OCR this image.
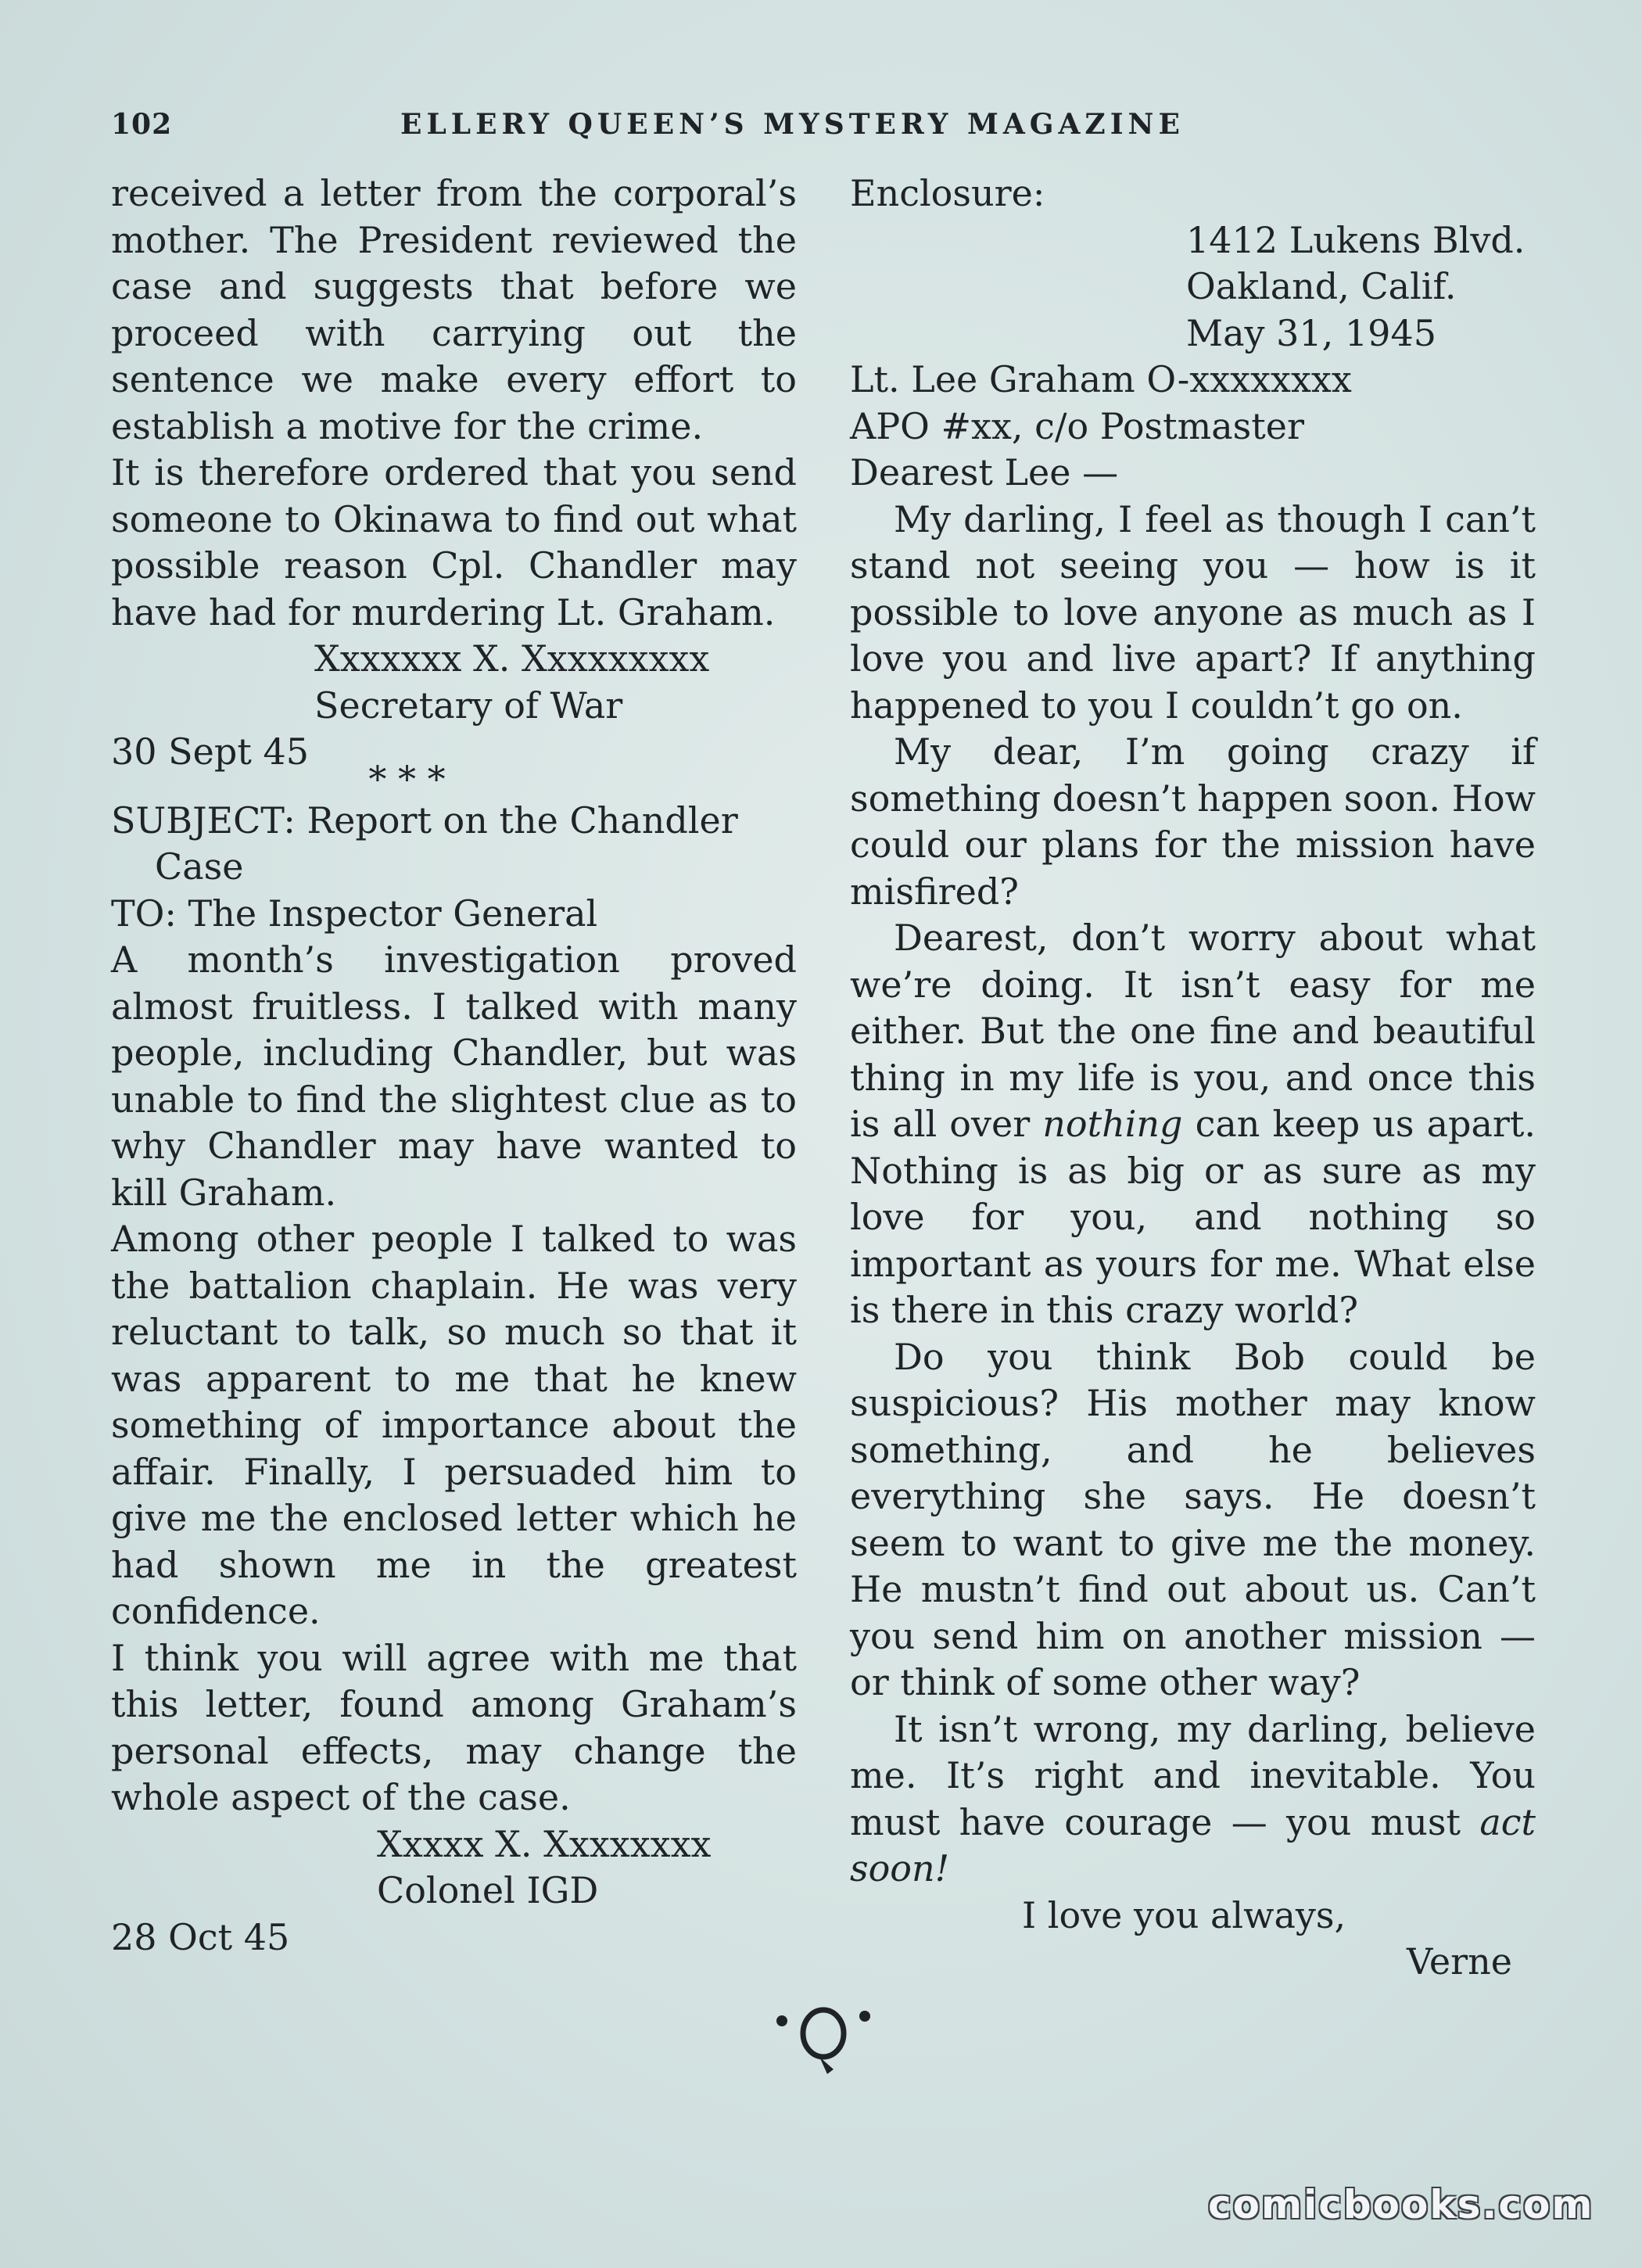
102	ELLERY QUEEN’S MYSTERY MAGAZINE

received a letter from the corporal’s mother. The President reviewed the case and suggests that before we proceed with carrying out the sentence we make every effort to establish a motive for the crime.

It is therefore ordered that you send someone to Okinawa to find out what possible reason Cpl. Chandler may have had for murdering Lt. Graham.

Xxxxxxx X. Xxxxxxxxx

Secretary of War

30 Sept 45

* * *

SUBJECT: Report on the Chandler Case

TO: The Inspector General

A month’s investigation proved almost fruitless. I talked with many people, including Chandler, but was unable to find the slightest clue as to why Chandler may have wanted to kill Graham.

Among other people I talked to was the battalion chaplain. He was very reluctant to talk, so much so that it was apparent to me that he knew something of importance about the affair. Finally, I persuaded him to give me the enclosed letter which he had shown me in the greatest confidence.

I think you will agree with me that this letter, found among Graham’s personal effects, may change the whole aspect of the case.

Xxxxx X. Xxxxxxxx

Colonel IGD

28 Oct 45

Enclosure:

1412 Lukens Blvd.

Oakland, Calif.

May 31, 1945

Lt. Lee Graham O-xxxxxxxx

APO #xx, c/o Postmaster

Dearest Lee —

My darling, I feel as though I can’t stand not seeing you — how is it possible to love anyone as much as I love you and live apart? If anything happened to you I couldn’t go on.

My dear, I’m going crazy if something doesn’t happen soon. How could our plans for the mission have misfired?

Dearest, don’t worry about what we’re doing. It isn’t easy for me either. But the one fine and beautiful thing in my life is you, and once this is all over nothing can keep us apart. Nothing is as big or as sure as my love for you, and nothing so important as yours for me. What else is there in this crazy world?

Do you think Bob could be suspicious? His mother may know something, and he believes everything she says. He doesn’t seem to want to give me the money. He mustn’t find out about us. Can’t you send him on another mission — or think of some other way?

It isn’t wrong, my darling, believe me. It’s right and inevitable. You must have courage — you must act soon!

I love you always,

Verne

comicbooks.com
